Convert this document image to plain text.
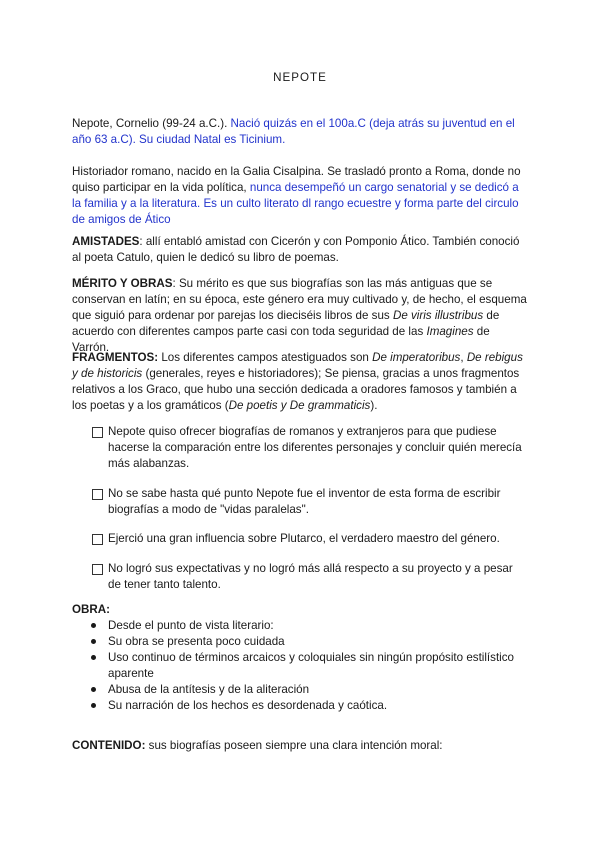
NEPOTE

Nepote, Cornelio (99-24 a.C.). Nació quizás en el 100a.C (deja atrás su juventud en el año 63 a.C). Su ciudad Natal es Ticinium.

Historiador romano, nacido en la Galia Cisalpina. Se trasladó pronto a Roma, donde no quiso participar en la vida política, nunca desempeñó un cargo senatorial y se dedicó a la familia y a la literatura. Es un culto literato dl rango ecuestre y forma parte del circulo de amigos de Ático

AMISTADES: allí entabló amistad con Cicerón y con Pomponio Ático. También conoció al poeta Catulo, quien le dedicó su libro de poemas.

MÉRITO Y OBRAS: Su mérito es que sus biografías son las más antiguas que se conservan en latín; en su época, este género era muy cultivado y, de hecho, el esquema que siguió para ordenar por parejas los dieciséis libros de sus De viris illustribus de acuerdo con diferentes campos parte casi con toda seguridad de las Imagines de Varrón.

FRAGMENTOS: Los diferentes campos atestiguados son De imperatoribus, De rebigus y de historicis (generales, reyes e historiadores); Se piensa, gracias a unos fragmentos relativos a los Graco, que hubo una sección dedicada a oradores famosos y también a los poetas y a los gramáticos (De poetis y De grammaticis).

Nepote quiso ofrecer biografías de romanos y extranjeros para que pudiese hacerse la comparación entre los diferentes personajes y concluir quién merecía más alabanzas.
No se sabe hasta qué punto Nepote fue el inventor de esta forma de escribir biografías a modo de "vidas paralelas".
Ejerció una gran influencia sobre Plutarco, el verdadero maestro del género.
No logró sus expectativas y no logró más allá respecto a su proyecto y a pesar de tener tanto talento.

OBRA:

Desde el punto de vista literario:
Su obra se presenta poco cuidada
Uso continuo de términos arcaicos y coloquiales sin ningún propósito estilístico aparente
Abusa de la antítesis y de la aliteración
Su narración de los hechos es desordenada y caótica.

CONTENIDO: sus biografías poseen siempre una clara intención moral:
